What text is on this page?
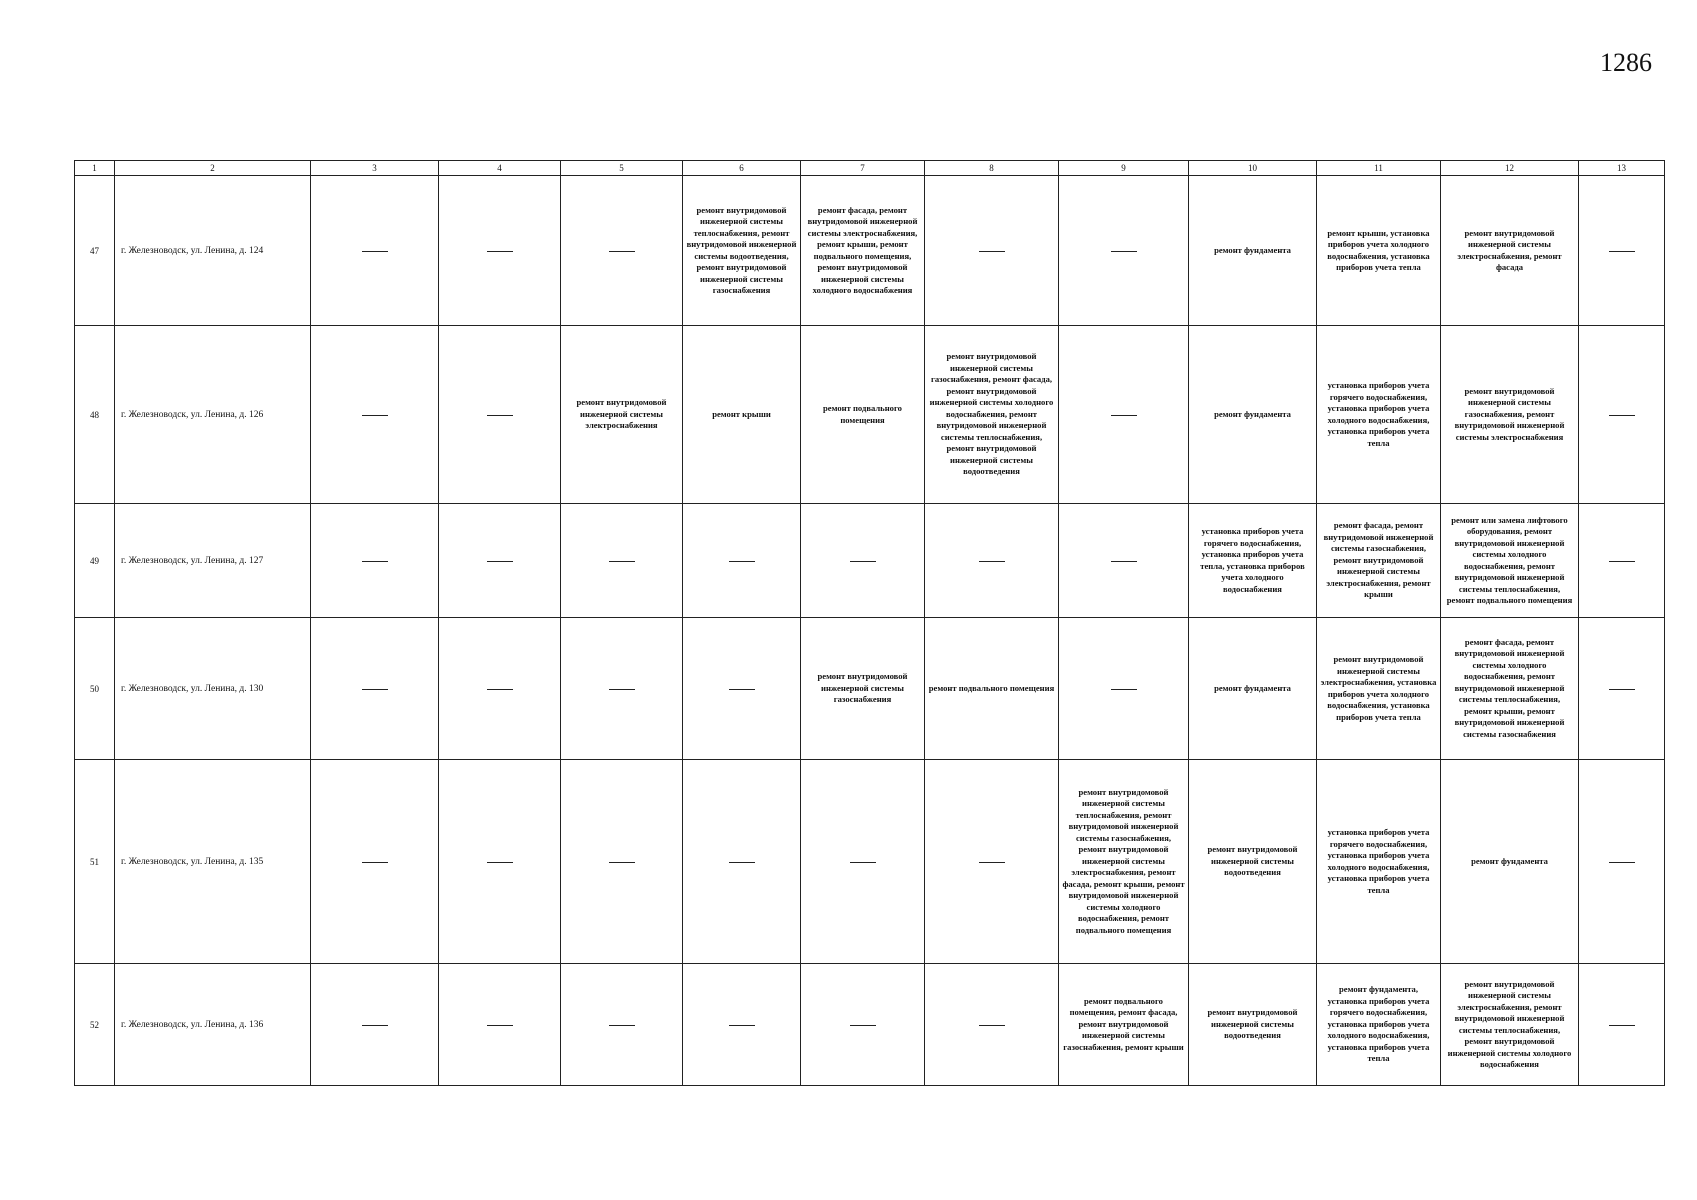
1286
1	2	3	4	5	6	7	8	9	10	11	12	13
47	г. Железноводск, ул. Ленина, д. 124				ремонт внутридомовой инженерной системы теплоснабжения, ремонт внутридомовой инженерной системы водоотведения, ремонт внутридомовой инженерной системы газоснабжения	ремонт фасада, ремонт внутридомовой инженерной системы электроснабжения, ремонт крыши, ремонт подвального помещения, ремонт внутридомовой инженерной системы холодного водоснабжения			ремонт фундамента	ремонт крыши, установка приборов учета холодного водоснабжения, установка приборов учета тепла	ремонт внутридомовой инженерной системы электроснабжения, ремонт фасада	
48	г. Железноводск, ул. Ленина, д. 126			ремонт внутридомовой инженерной системы электроснабжения	ремонт крыши	ремонт подвального помещения	ремонт внутридомовой инженерной системы газоснабжения, ремонт фасада, ремонт внутридомовой инженерной системы холодного водоснабжения, ремонт внутридомовой инженерной системы теплоснабжения, ремонт внутридомовой инженерной системы водоотведения		ремонт фундамента	установка приборов учета горячего водоснабжения, установка приборов учета холодного водоснабжения, установка приборов учета тепла	ремонт внутридомовой инженерной системы газоснабжения, ремонт внутридомовой инженерной системы электроснабжения	
49	г. Железноводск, ул. Ленина, д. 127								установка приборов учета горячего водоснабжения, установка приборов учета тепла, установка приборов учета холодного водоснабжения	ремонт фасада, ремонт внутридомовой инженерной системы газоснабжения, ремонт внутридомовой инженерной системы электроснабжения, ремонт крыши	ремонт или замена лифтового оборудования, ремонт внутридомовой инженерной системы холодного водоснабжения, ремонт внутридомовой инженерной системы теплоснабжения, ремонт подвального помещения	
50	г. Железноводск, ул. Ленина, д. 130					ремонт внутридомовой инженерной системы газоснабжения	ремонт подвального помещения		ремонт фундамента	ремонт внутридомовой инженерной системы электроснабжения, установка приборов учета холодного водоснабжения, установка приборов учета тепла	ремонт фасада, ремонт внутридомовой инженерной системы холодного водоснабжения, ремонт внутридомовой инженерной системы теплоснабжения, ремонт крыши, ремонт внутридомовой инженерной системы газоснабжения	
51	г. Железноводск, ул. Ленина, д. 135							ремонт внутридомовой инженерной системы теплоснабжения, ремонт внутридомовой инженерной системы газоснабжения, ремонт внутридомовой инженерной системы электроснабжения, ремонт фасада, ремонт крыши, ремонт внутридомовой инженерной системы холодного водоснабжения, ремонт подвального помещения	ремонт внутридомовой инженерной системы водоотведения	установка приборов учета горячего водоснабжения, установка приборов учета холодного водоснабжения, установка приборов учета тепла	ремонт фундамента	
52	г. Железноводск, ул. Ленина, д. 136							ремонт подвального помещения, ремонт фасада, ремонт внутридомовой инженерной системы газоснабжения, ремонт крыши	ремонт внутридомовой инженерной системы водоотведения	ремонт фундамента, установка приборов учета горячего водоснабжения, установка приборов учета холодного водоснабжения, установка приборов учета тепла	ремонт внутридомовой инженерной системы электроснабжения, ремонт внутридомовой инженерной системы теплоснабжения, ремонт внутридомовой инженерной системы холодного водоснабжения	
